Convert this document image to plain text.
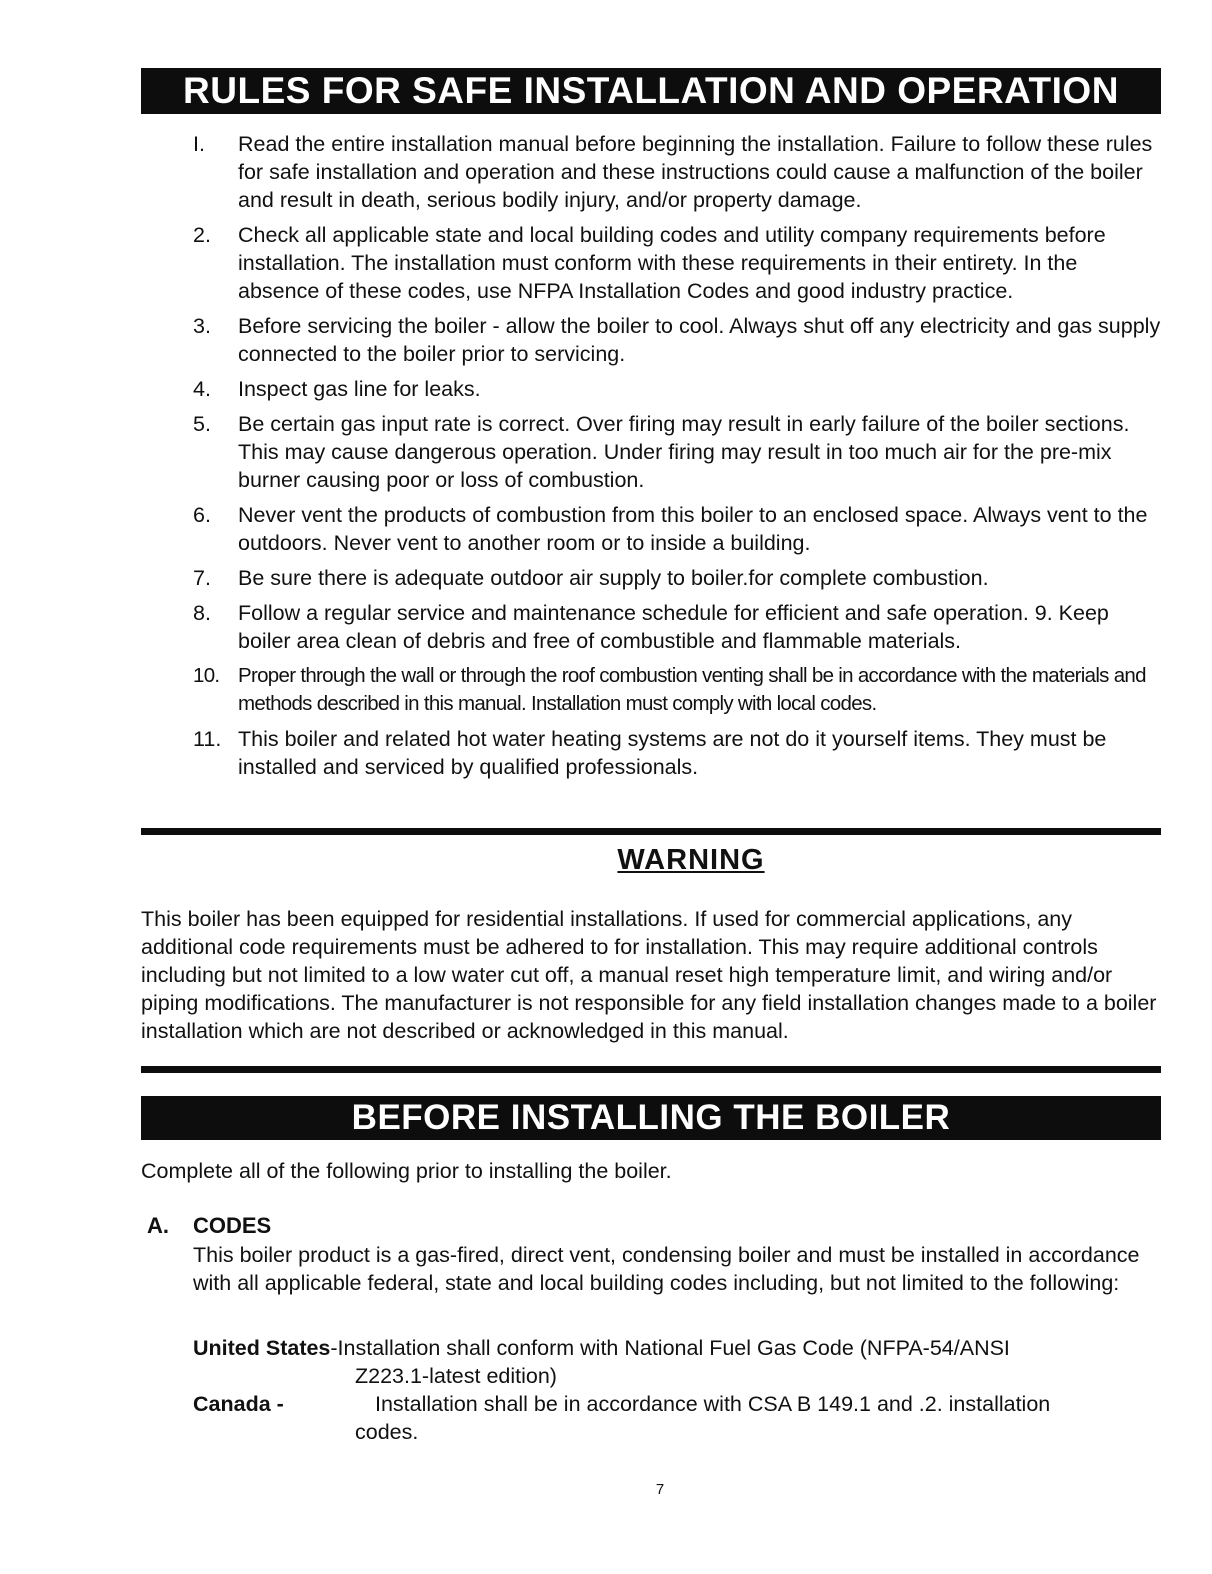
RULES FOR SAFE INSTALLATION AND OPERATION
I. Read the entire installation manual before beginning the installation. Failure to follow these rules for safe installation and operation and these instructions could cause a malfunction of the boiler and result in death, serious bodily injury, and/or property damage.
2. Check all applicable state and local building codes and utility company requirements before installation. The installation must conform with these requirements in their entirety. In the absence of these codes, use NFPA Installation Codes and good industry practice.
3. Before servicing the boiler - allow the boiler to cool. Always shut off any electricity and gas supply connected to the boiler prior to servicing.
4. Inspect gas line for leaks.
5. Be certain gas input rate is correct. Over firing may result in early failure of the boiler sections. This may cause dangerous operation. Under firing may result in too much air for the pre-mix burner causing poor or loss of combustion.
6. Never vent the products of combustion from this boiler to an enclosed space. Always vent to the outdoors. Never vent to another room or to inside a building.
7. Be sure there is adequate outdoor air supply to boiler.for complete combustion.
8. Follow a regular service and maintenance schedule for efficient and safe operation. 9. Keep boiler area clean of debris and free of combustible and flammable materials.
10. Proper through the wall or through the roof combustion venting shall be in accordance with the materials and methods described in this manual. Installation must comply with local codes.
11. This boiler and related hot water heating systems are not do it yourself items. They must be installed and serviced by qualified professionals.
WARNING
This boiler has been equipped for residential installations. If used for commercial applications, any additional code requirements must be adhered to for installation. This may require additional controls including but not limited to a low water cut off, a manual reset high temperature limit, and wiring and/or piping modifications. The manufacturer is not responsible for any field installation changes made to a boiler installation which are not described or acknowledged in this manual.
BEFORE INSTALLING THE BOILER
Complete all of the following prior to installing the boiler.
A. CODES
This boiler product is a gas-fired, direct vent, condensing boiler and must be installed in accordance with all applicable federal, state and local building codes including, but not limited to the following:
United States-Installation shall conform with National Fuel Gas Code (NFPA-54/ANSI
Z223.1-latest edition)
Canada -	Installation shall be in accordance with CSA B 149.1 and .2. installation
codes.
7
